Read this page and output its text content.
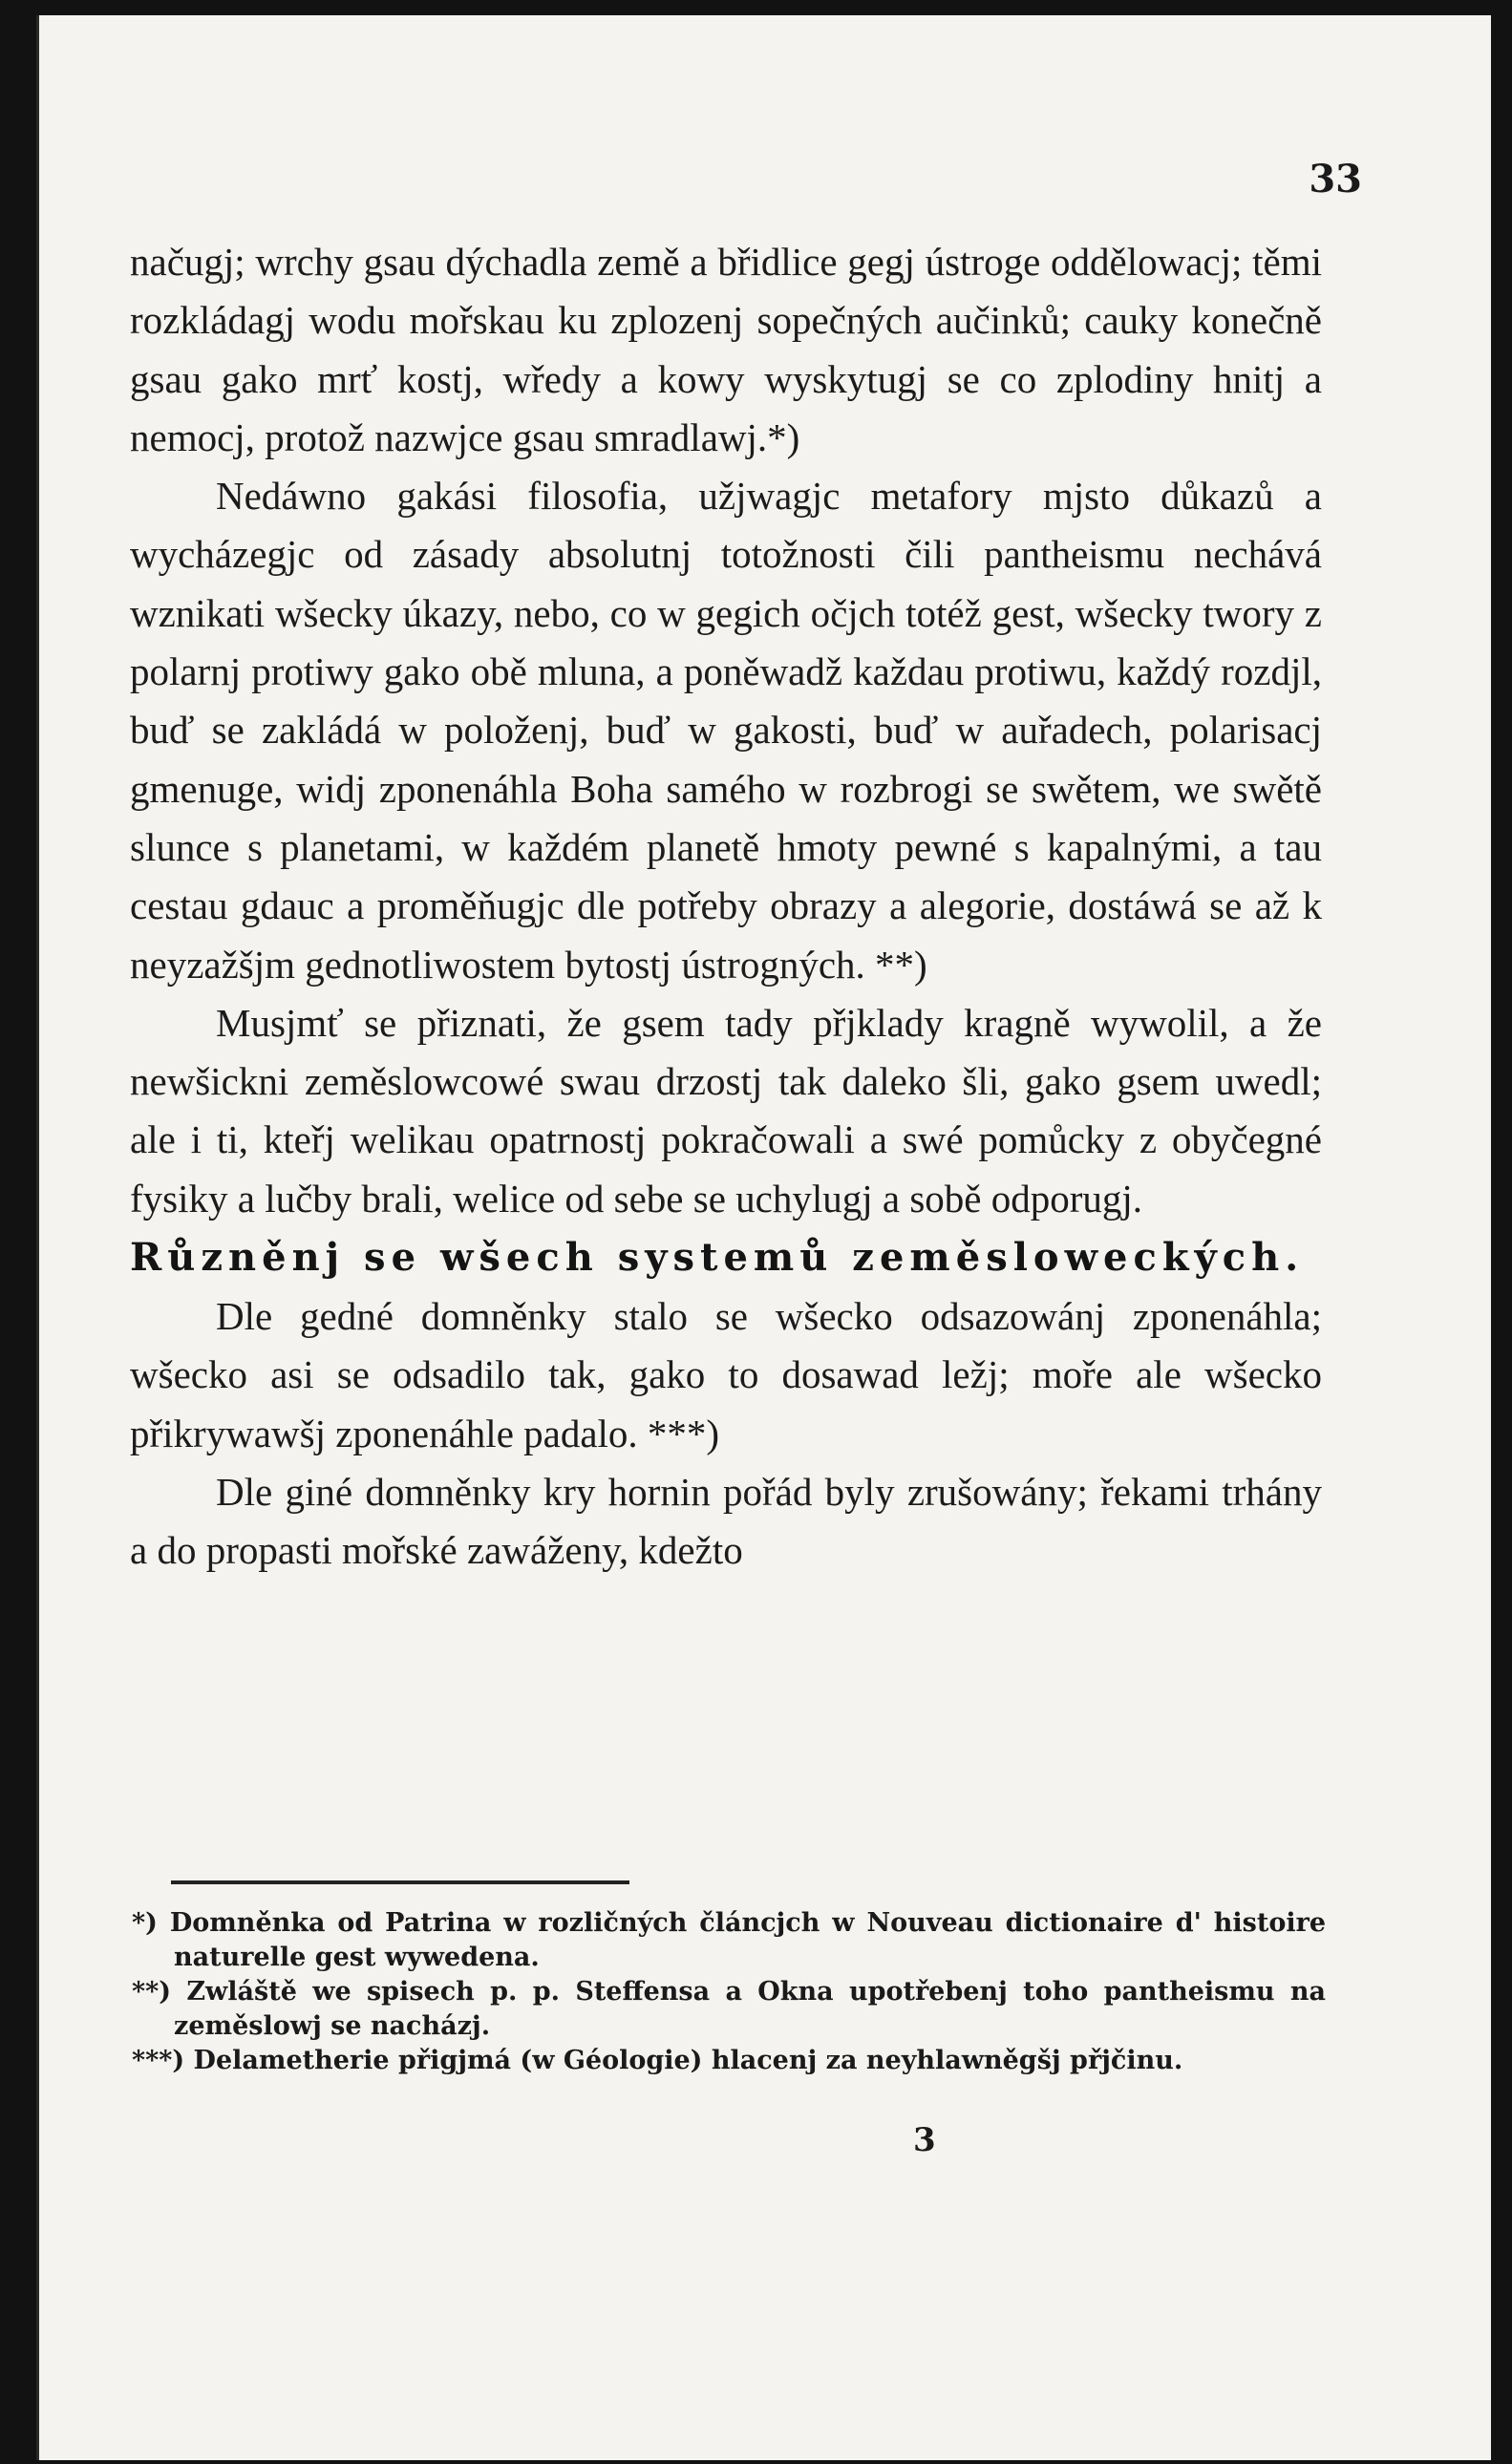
33

načugj; wrchy gsau dýchadla země a břidlice gegj ústroge oddělowacj; těmi rozkládagj wodu mořskau ku zplozenj sopečných aučinků; cauky konečně gsau gako mrť kostj, wředy a kowy wyskytugj se co zplodiny hnitj a nemocj, protož nazwjce gsau smradlawj.*)

Nedáwno gakási filosofia, užjwagjc metafory mjsto důkazů a wycházegjc od zásady absolutnj totožnosti čili pantheismu nechává wznikati wšecky úkazy, nebo, co w gegich očjch totéž gest, wšecky twory z polarnj protiwy gako obě mluna, a poněwadž každau protiwu, každý rozdjl, buď se zakládá w položenj, buď w gakosti, buď w auřadech, polarisacj gmenuge, widj zponenáhla Boha samého w rozbrogi se swětem, we swětě slunce s planetami, w každém planetě hmoty pewné s kapalnými, a tau cestau gdauc a proměňugjc dle potřeby obrazy a alegorie, dostáwá se až k neyzažšjm gednotliwostem bytostj ústrogných. **)

Musjmť se přiznati, že gsem tady přjklady kragně wywolil, a že newšickni zeměslowcowé swau drzostj tak daleko šli, gako gsem uwedl; ale i ti, kteřj welikau opatrnostj pokračowali a swé pomůcky z obyčegné fysiky a lučby brali, welice od sebe se uchylugj a sobě odporugj.

Různěnj se wšech systemů zeměsloweckých.

Dle gedné domněnky stalo se wšecko odsazowánj zponenáhla; wšecko asi se odsadilo tak, gako to dosawad ležj; moře ale wšecko přikrywawšj zponenáhle padalo. ***)

Dle giné domněnky kry hornin pořád byly zrušowány; řekami trhány a do propasti mořské zawáženy, kdežto

*) Domněnka od Patrina w rozličných článcjch w Nouveau dictionaire d' histoire naturelle gest wywedena.

**) Zwláště we spisech p. p. Steffensa a Okna upotřebenj toho pantheismu na zeměslowj se nacházj.

***) Delametherie přigjmá (w Géologie) hlacenj za neyhlawněgšj přjčinu.

3
